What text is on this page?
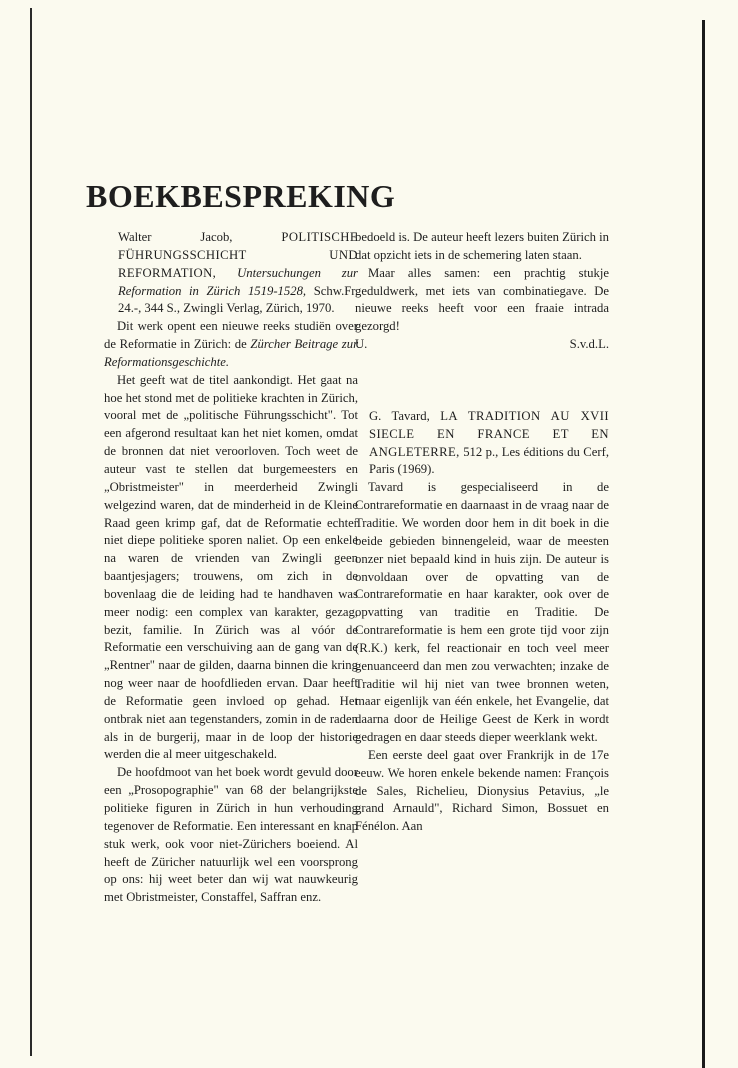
BOEKBESPREKING

Walter Jacob,	POLITISCHE FÜHRUNGSSCHICHT UND REFORMATION, Untersuchungen zur Reformation in Zürich 1519-1528, Schw.Fr. 24.-, 344 S., Zwingli Verlag, Zürich, 1970.

Dit werk opent een nieuwe reeks studiën over de Reformatie in Zürich: de Zürcher Beitrage zur Reformationsgeschichte.

Het geeft wat de titel aankondigt. Het gaat na hoe het stond met de politieke krachten in Zürich, vooral met de „politische Führungsschicht". Tot een afgerond resultaat kan het niet komen, omdat de bronnen dat niet veroorloven. Toch weet de auteur vast te stellen dat burgemeesters en „Obristmeister" in meerderheid Zwingli welgezind waren, dat de minderheid in de Kleine Raad geen krimp gaf, dat de Reformatie echter niet diepe politieke sporen naliet. Op een enkele na waren de vrienden van Zwingli geen baantjesjagers; trouwens, om zich in de bovenlaag die de leiding had te handhaven was meer nodig: een complex van karakter, gezag, bezit, familie. In Zürich was al vóór de Reformatie een verschuiving aan de gang van de „Rentner" naar de gilden, daarna binnen die kring nog weer naar de hoofdlieden ervan. Daar heeft de Reformatie geen invloed op gehad. Het ontbrak niet aan tegenstanders, zomin in de raden als in de burgerij, maar in de loop der historie werden die al meer uitgeschakeld.

De hoofdmoot van het boek wordt gevuld door een „Prosopographie" van 68 der belangrijkste politieke figuren in Zürich in hun verhouding tegenover de Reformatie. Een interessant en knap stuk werk, ook voor niet-Zürichers boeiend. Al heeft de Züricher natuurlijk wel een voorsprong op ons: hij weet beter dan wij wat nauwkeurig met Obristmeister, Constaffel, Saffran enz.

bedoeld is. De auteur heeft lezers buiten Zürich in dat opzicht iets in de schemering laten staan.

Maar alles samen: een prachtig stukje geduldwerk, met iets van combinatiegave. De nieuwe reeks heeft voor een fraaie intrada gezorgd!

U.	S.v.d.L.

G. Tavard, LA TRADITION AU XVII SIECLE EN FRANCE ET EN ANGLETERRE, 512 p., Les éditions du Cerf, Paris (1969).

Tavard is gespecialiseerd in de Contrareformatie en daarnaast in de vraag naar de Traditie. We worden door hem in dit boek in die beide gebieden binnengeleid, waar de meesten onzer niet bepaald kind in huis zijn. De auteur is onvoldaan over de opvatting van de Contrareformatie en haar karakter, ook over de opvatting van traditie en Traditie. De Contrareformatie is hem een grote tijd voor zijn (R.K.) kerk, fel reactionair en toch veel meer genuanceerd dan men zou verwachten; inzake de Traditie wil hij niet van twee bronnen weten, maar eigenlijk van één enkele, het Evangelie, dat daarna door de Heilige Geest de Kerk in wordt gedragen en daar steeds dieper weerklank wekt.

Een eerste deel gaat over Frankrijk in de 17e eeuw. We horen enkele bekende namen: François de Sales, Richelieu, Dionysius Petavius, „le grand Arnauld", Richard Simon, Bossuet en Fénélon. Aan
